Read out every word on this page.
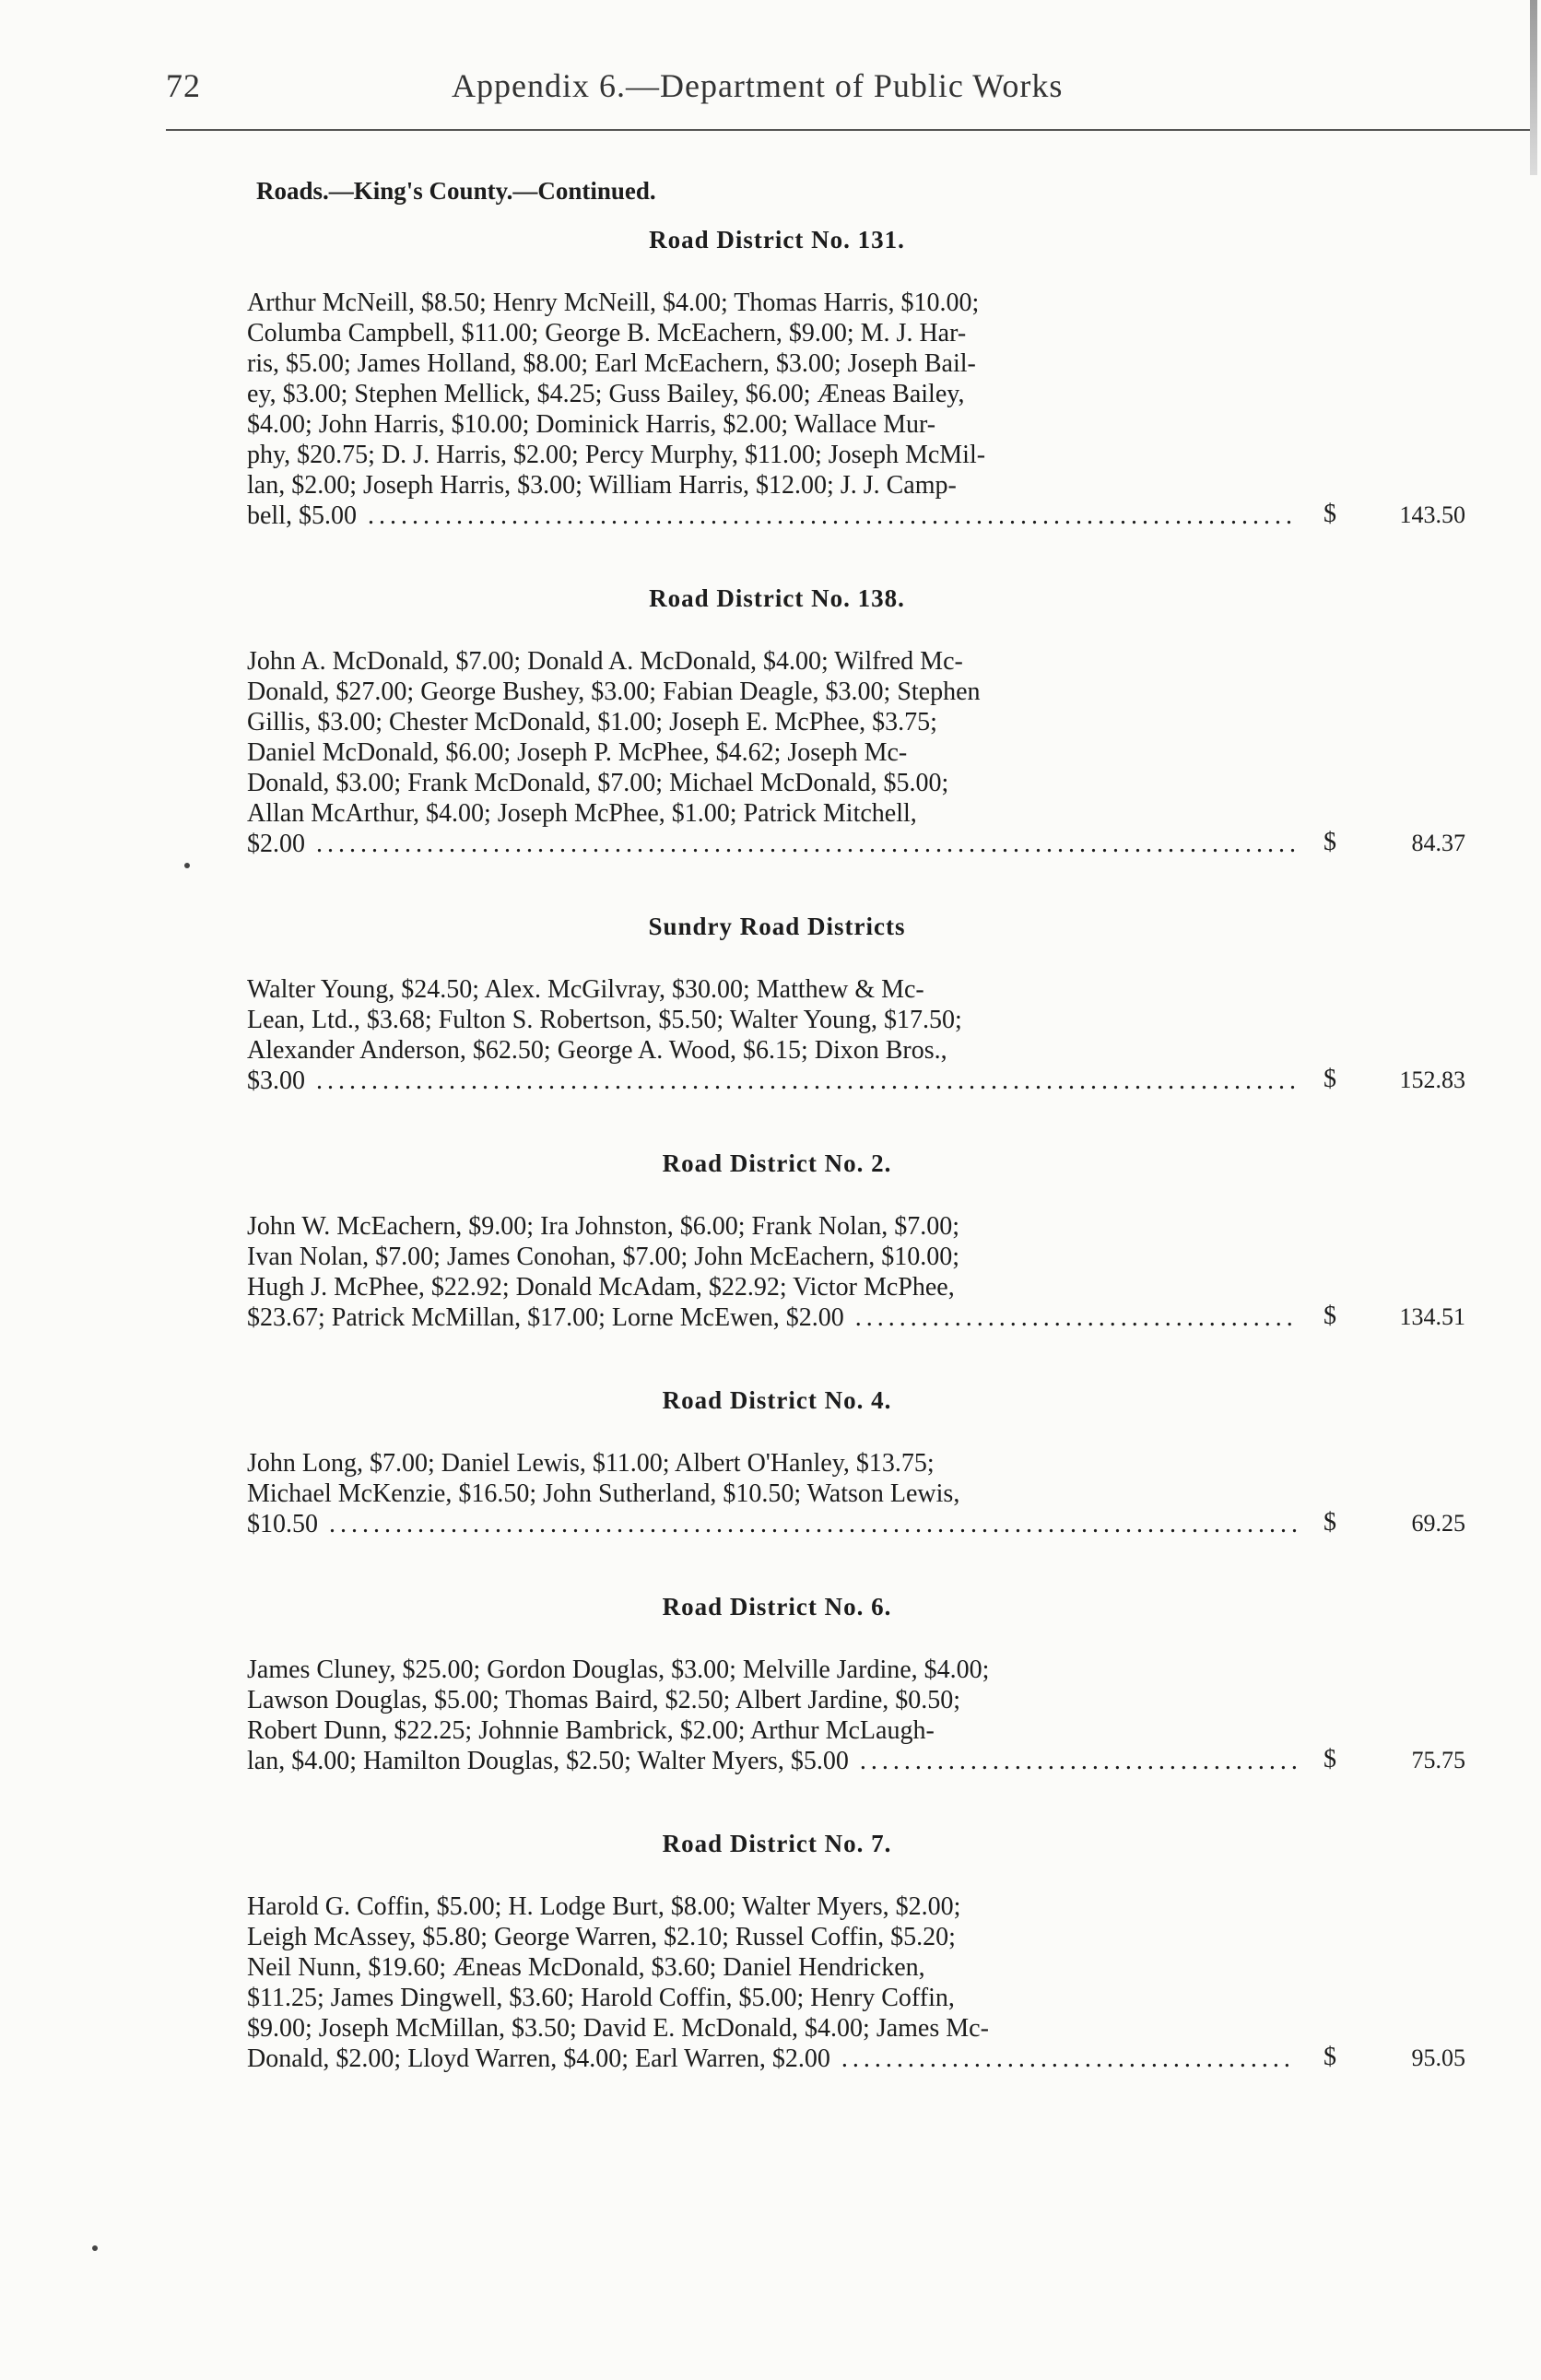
72	Appendix 6.—Department of Public Works
Roads.—King's County.—Continued.
Road District No. 131.
Arthur McNeill, $8.50; Henry McNeill, $4.00; Thomas Harris, $10.00;
Columba Campbell, $11.00; George B. McEachern, $9.00; M. J. Har-
ris, $5.00; James Holland, $8.00; Earl McEachern, $3.00; Joseph Bail-
ey, $3.00; Stephen Mellick, $4.25; Guss Bailey, $6.00; Æneas Bailey,
$4.00; John Harris, $10.00; Dominick Harris, $2.00; Wallace Mur-
phy, $20.75; D. J. Harris, $2.00; Percy Murphy, $11.00; Joseph McMil-
lan, $2.00; Joseph Harris, $3.00; William Harris, $12.00; J. J. Camp-
bell, $5.00 ....................................................................................	$	143.50
Road District No. 138.
John A. McDonald, $7.00; Donald A. McDonald, $4.00; Wilfred Mc-
Donald, $27.00; George Bushey, $3.00; Fabian Deagle, $3.00; Stephen
Gillis, $3.00; Chester McDonald, $1.00; Joseph E. McPhee, $3.75;
Daniel McDonald, $6.00; Joseph P. McPhee, $4.62; Joseph Mc-
Donald, $3.00; Frank McDonald, $7.00; Michael McDonald, $5.00;
Allan McArthur, $4.00; Joseph McPhee, $1.00; Patrick Mitchell,
$2.00 ......................................................................................... $	84.37
Sundry Road Districts
Walter Young, $24.50; Alex. McGilvray, $30.00; Matthew & Mc-
Lean, Ltd., $3.68; Fulton S. Robertson, $5.50; Walter Young, $17.50;
Alexander Anderson, $62.50; George A. Wood, $6.15; Dixon Bros.,
$3.00 ......................................................................................... $	152.83
Road District No. 2.
John W. McEachern, $9.00; Ira Johnston, $6.00; Frank Nolan, $7.00;
Ivan Nolan, $7.00; James Conohan, $7.00; John McEachern, $10.00;
Hugh J. McPhee, $22.92; Donald McAdam, $22.92; Victor McPhee,
$23.67; Patrick McMillan, $17.00; Lorne McEwen, $2.00 ........................................ $	134.51
Road District No. 4.
John Long, $7.00; Daniel Lewis, $11.00; Albert O'Hanley, $13.75;
Michael McKenzie, $16.50; John Sutherland, $10.50; Watson Lewis,
$10.50 ........................................................................................ $	69.25
Road District No. 6.
James Cluney, $25.00; Gordon Douglas, $3.00; Melville Jardine, $4.00;
Lawson Douglas, $5.00; Thomas Baird, $2.50; Albert Jardine, $0.50;
Robert Dunn, $22.25; Johnnie Bambrick, $2.00; Arthur McLaugh-
lan, $4.00; Hamilton Douglas, $2.50; Walter Myers, $5.00 ........................................ $	75.75
Road District No. 7.
Harold G. Coffin, $5.00; H. Lodge Burt, $8.00; Walter Myers, $2.00;
Leigh McAssey, $5.80; George Warren, $2.10; Russel Coffin, $5.20;
Neil Nunn, $19.60; Æneas McDonald, $3.60; Daniel Hendricken,
$11.25; James Dingwell, $3.60; Harold Coffin, $5.00; Henry Coffin,
$9.00; Joseph McMillan, $3.50; David E. McDonald, $4.00; James Mc-
Donald, $2.00; Lloyd Warren, $4.00; Earl Warren, $2.00 .........................................	$	95.05
